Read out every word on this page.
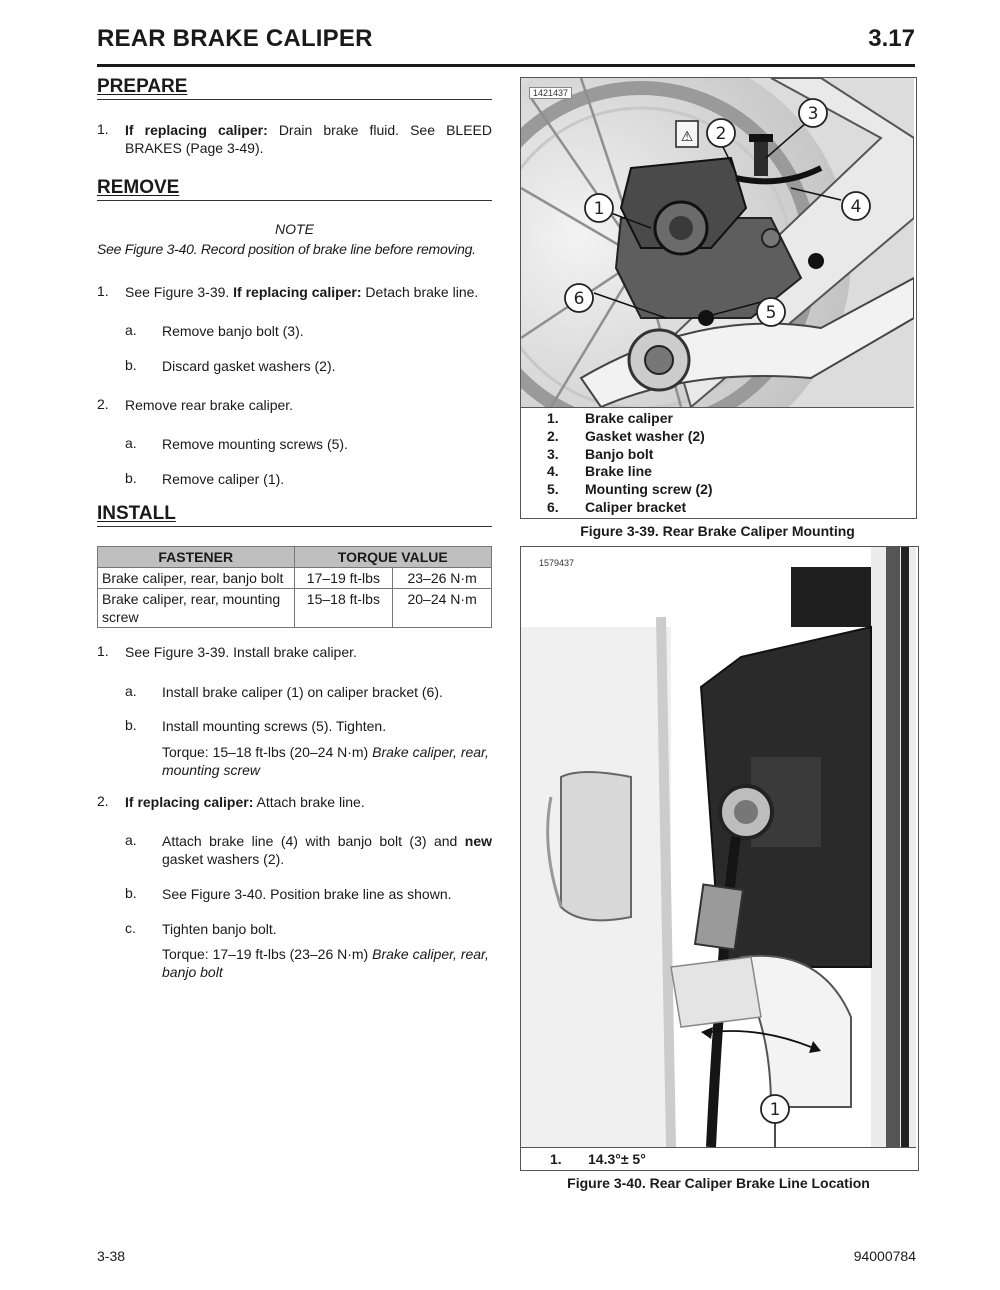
REAR BRAKE CALIPER	3.17
PREPARE
1. If replacing caliper: Drain brake fluid. See BLEED BRAKES (Page 3-49).
REMOVE
NOTE
See Figure 3-40. Record position of brake line before removing.
1. See Figure 3-39. If replacing caliper: Detach brake line.
a. Remove banjo bolt (3).
b. Discard gasket washers (2).
2. Remove rear brake caliper.
a. Remove mounting screws (5).
b. Remove caliper (1).
INSTALL
FASTENER	TORQUE VALUE	
Brake caliper, rear, banjo bolt	17–19 ft-lbs	23–26 N·m
Brake caliper, rear, mounting screw	15–18 ft-lbs	20–24 N·m
1. See Figure 3-39. Install brake caliper.
a. Install brake caliper (1) on caliper bracket (6).
b. Install mounting screws (5). Tighten.
Torque: 15–18 ft-lbs (20–24 N·m) Brake caliper, rear, mounting screw
2. If replacing caliper: Attach brake line.
a. Attach brake line (4) with banjo bolt (3) and new gasket washers (2).
b. See Figure 3-40. Position brake line as shown.
c. Tighten banjo bolt.
Torque: 17–19 ft-lbs (23–26 N·m) Brake caliper, rear, banjo bolt
⚠
1
2
3
4
5
6
1421437
1. Brake caliper
2. Gasket washer (2)
3. Banjo bolt
4. Brake line
5. Mounting screw (2)
6. Caliper bracket
Figure 3-39. Rear Brake Caliper Mounting
1
1579437
1. 14.3°± 5°
Figure 3-40. Rear Caliper Brake Line Location
3-38	94000784
